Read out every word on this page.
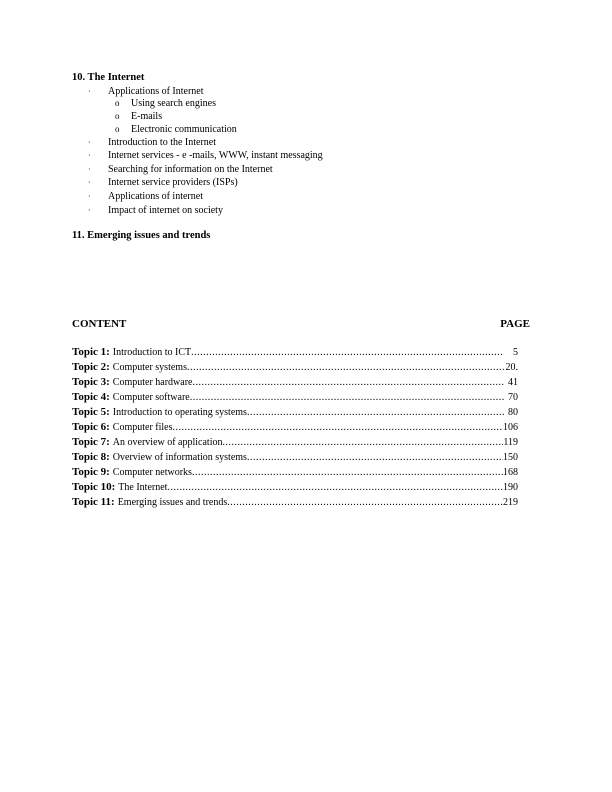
10. The Internet
· Applications of Internet
o Using search engines
o E-mails
o Electronic communication
· Introduction to the Internet
· Internet services - e -mails, WWW, instant messaging
· Searching for information on the Internet
· Internet service providers (ISPs)
· Applications of internet
· Impact of internet on society
11. Emerging issues and trends
CONTENT	PAGE
Topic 1: Introduction to ICT .....	5
Topic 2: Computer systems .....	20.
Topic 3: Computer hardware .....	41
Topic 4: Computer software .....	70
Topic 5: Introduction to operating systems .....	80
Topic 6: Computer files .....	106
Topic 7: An overview of application .....	119
Topic 8: Overview of information systems .....	150
Topic 9: Computer networks .....	168
Topic 10: The Internet .....	190
Topic 11: Emerging issues and trends .....	219
